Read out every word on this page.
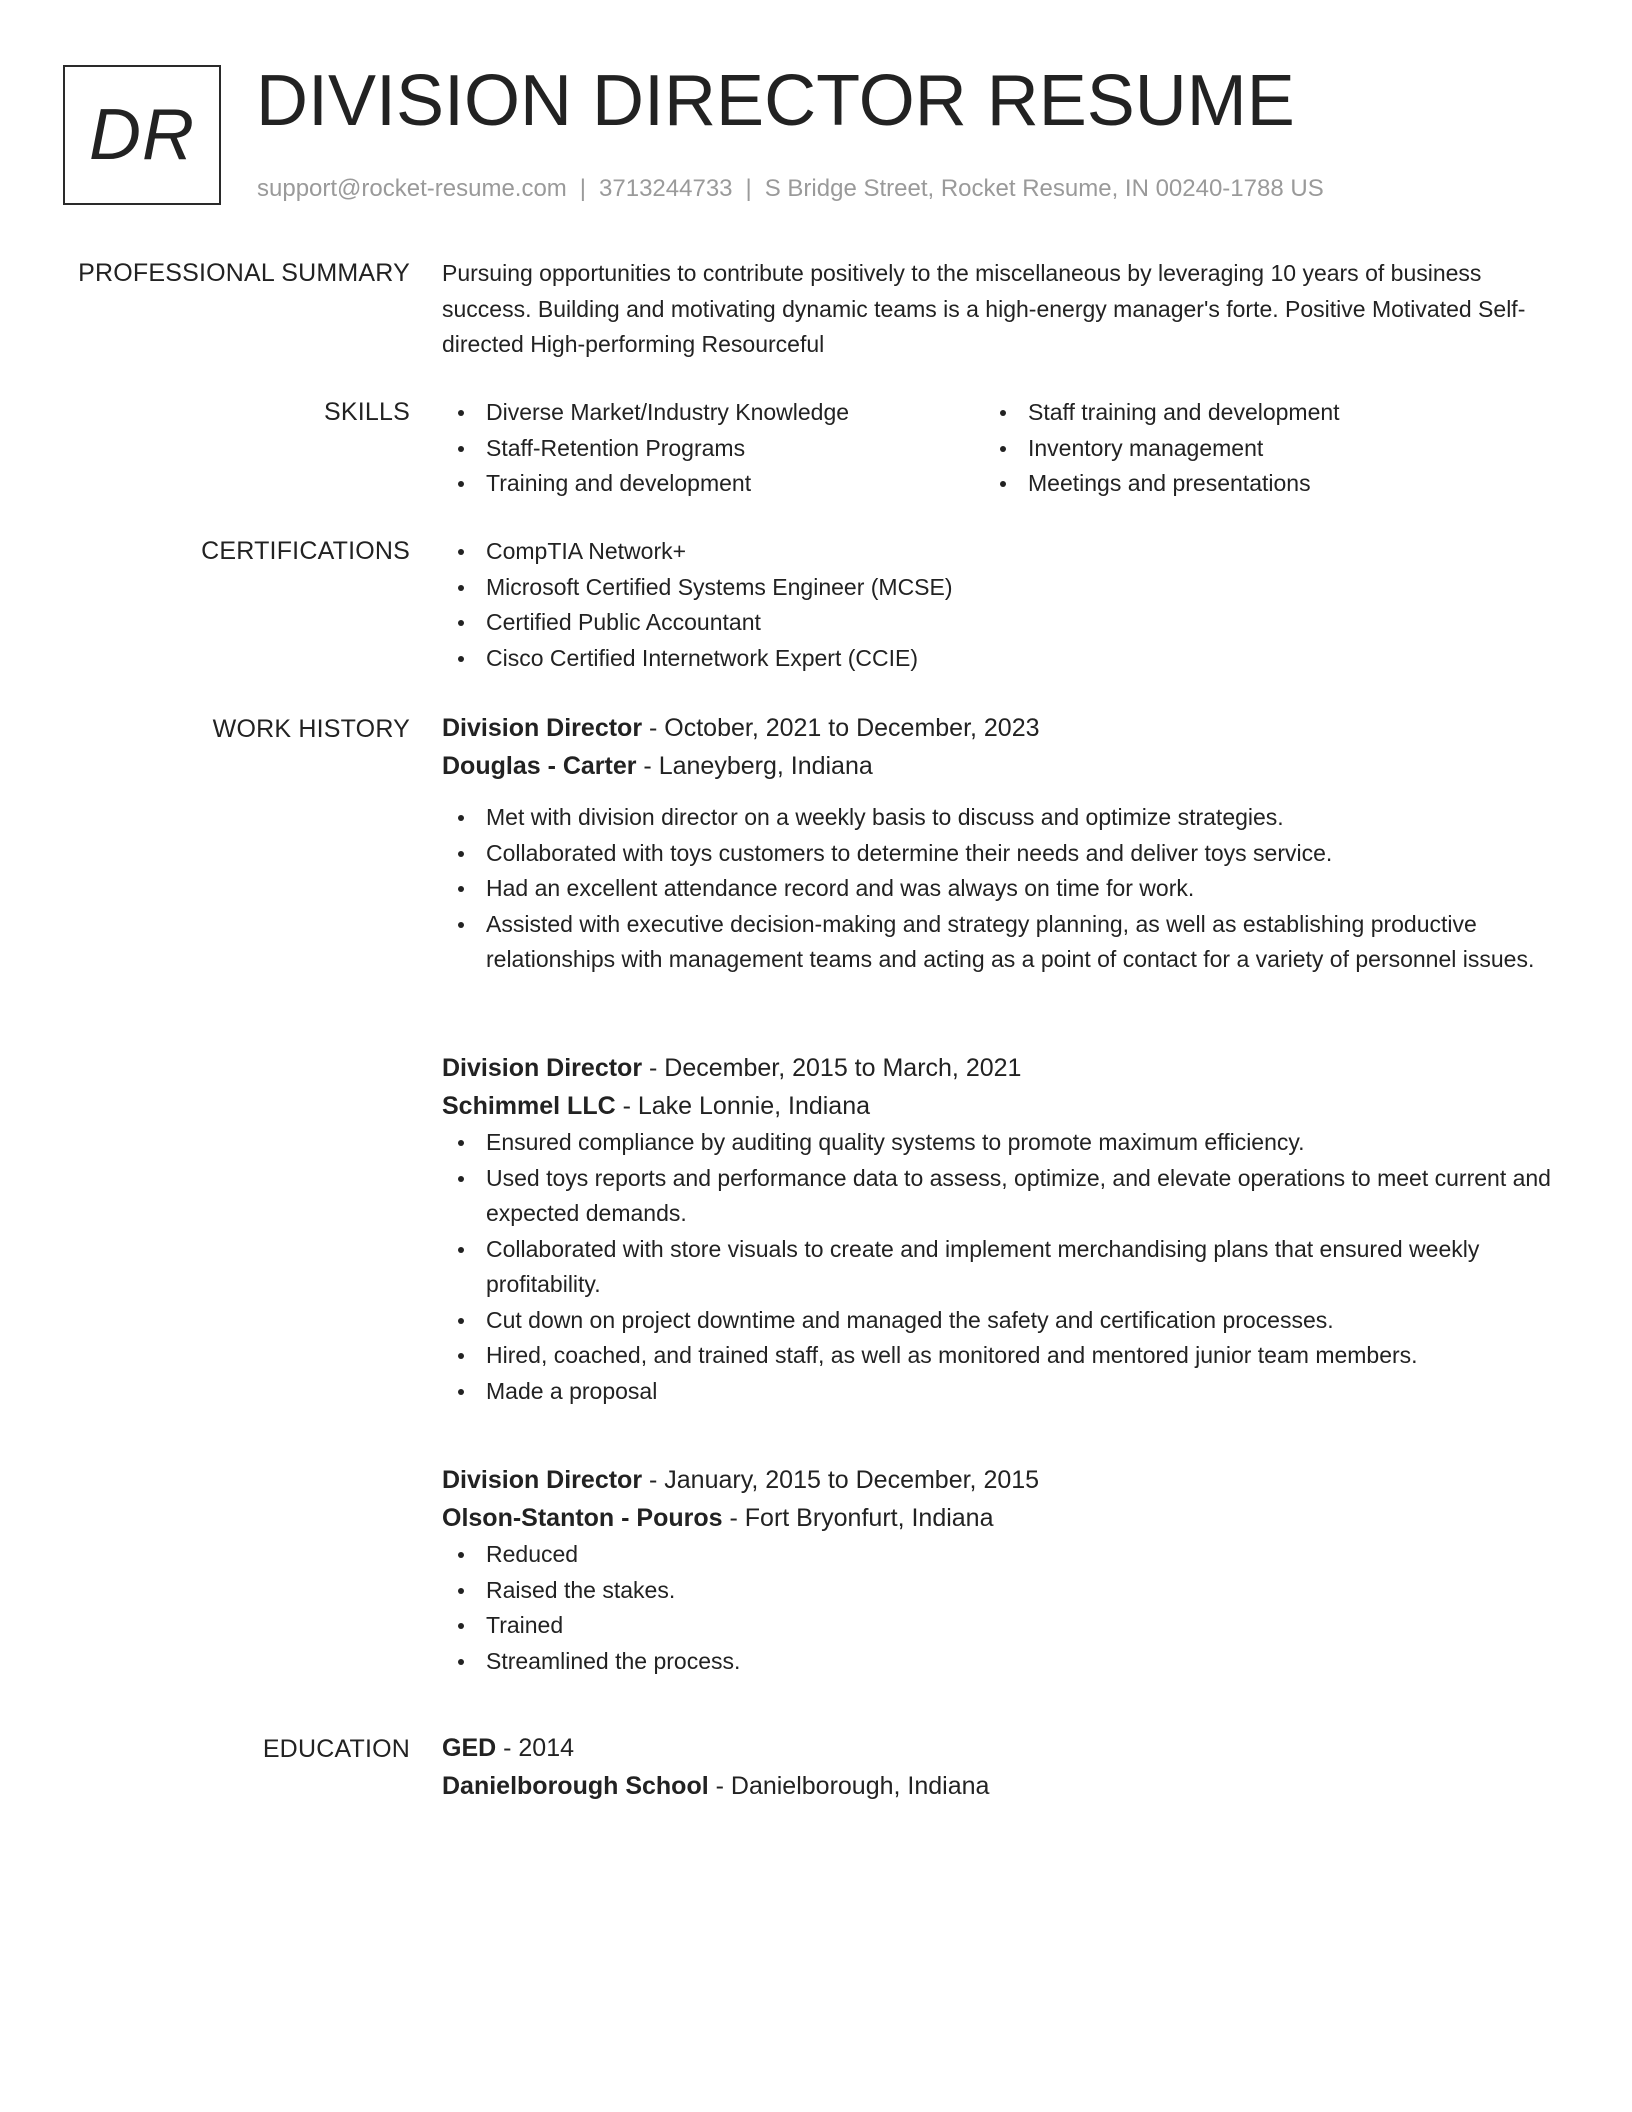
DR DIVISION DIRECTOR RESUME
support@rocket-resume.com | 3713244733 | S Bridge Street, Rocket Resume, IN 00240-1788 US
PROFESSIONAL SUMMARY Pursuing opportunities to contribute positively to the miscellaneous by leveraging 10 years of business success. Building and motivating dynamic teams is a high-energy manager's forte. Positive Motivated Self-directed High-performing Resourceful
SKILLS	Diverse Market/Industry Knowledge
Staff-Retention Programs
Training and development
Staff training and development
Inventory management
Meetings and presentations
CERTIFICATIONS	CompTIA Network+
Microsoft Certified Systems Engineer (MCSE)
Certified Public Accountant
Cisco Certified Internetwork Expert (CCIE)
WORK HISTORY Division Director - October, 2021 to December, 2023
Douglas - Carter - Laneyberg, Indiana
Met with division director on a weekly basis to discuss and optimize strategies.
Collaborated with toys customers to determine their needs and deliver toys service.
Had an excellent attendance record and was always on time for work.
Assisted with executive decision-making and strategy planning, as well as establishing productive relationships with management teams and acting as a point of contact for a variety of personnel issues.
Division Director - December, 2015 to March, 2021
Schimmel LLC - Lake Lonnie, Indiana
Ensured compliance by auditing quality systems to promote maximum efficiency.
Used toys reports and performance data to assess, optimize, and elevate operations to meet current and expected demands.
Collaborated with store visuals to create and implement merchandising plans that ensured weekly profitability.
Cut down on project downtime and managed the safety and certification processes.
Hired, coached, and trained staff, as well as monitored and mentored junior team members.
Made a proposal
Division Director - January, 2015 to December, 2015
Olson-Stanton - Pouros - Fort Bryonfurt, Indiana
Reduced
Raised the stakes.
Trained
Streamlined the process.
EDUCATION GED - 2014
Danielborough School - Danielborough, Indiana
